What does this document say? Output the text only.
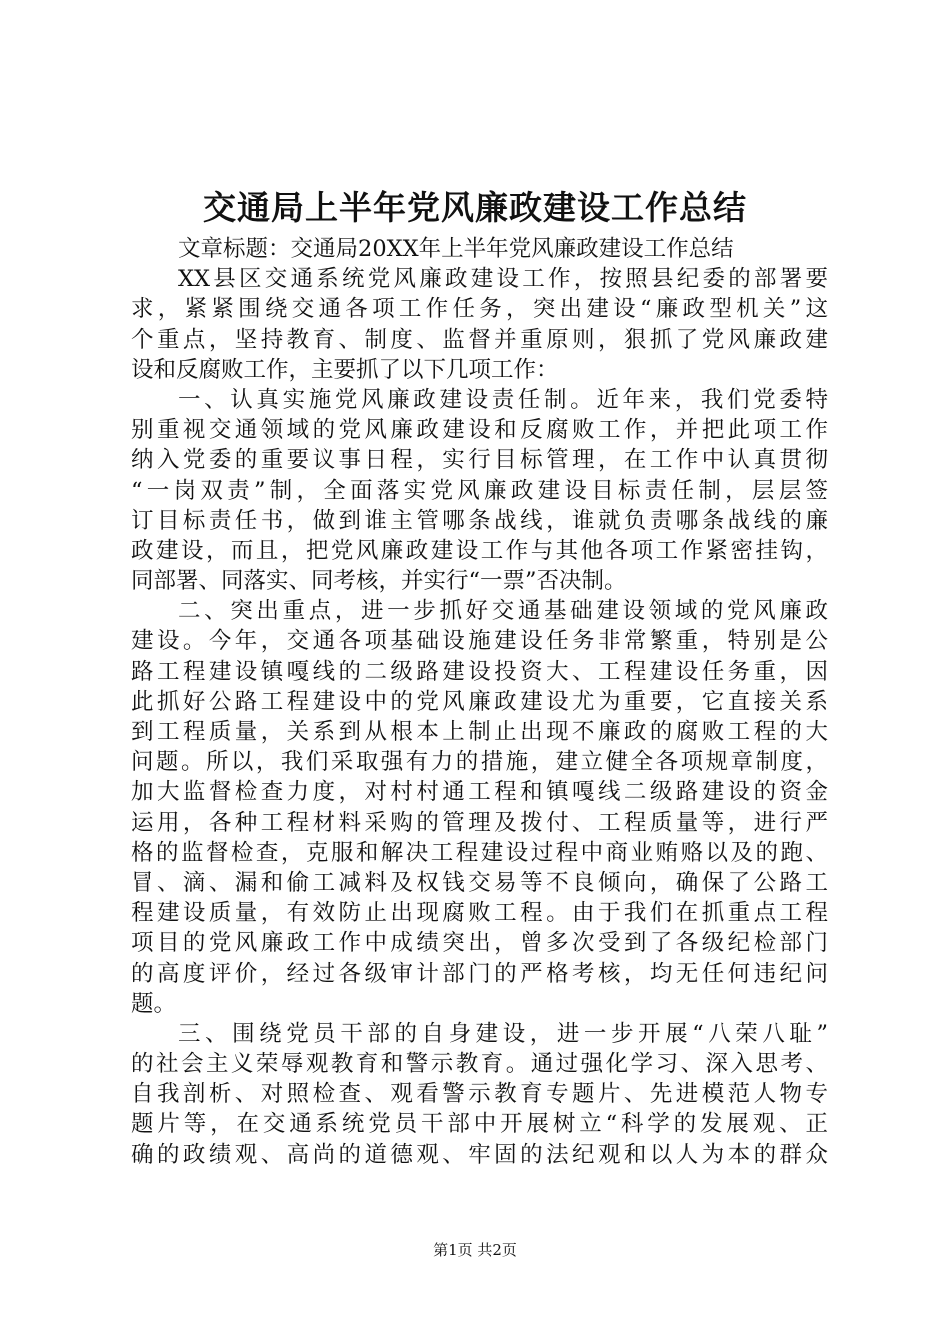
交通局上半年党风廉政建设工作总结
文章标题：交通局20XX年上半年党风廉政建设工作总结
XX县区交通系统党风廉政建设工作，按照县纪委的部署要
求，紧紧围绕交通各项工作任务，突出建设“廉政型机关”这
个重点，坚持教育、制度、监督并重原则，狠抓了党风廉政建
设和反腐败工作，主要抓了以下几项工作：
一、认真实施党风廉政建设责任制。近年来，我们党委特
别重视交通领域的党风廉政建设和反腐败工作，并把此项工作
纳入党委的重要议事日程，实行目标管理，在工作中认真贯彻
“一岗双责”制，全面落实党风廉政建设目标责任制，层层签
订目标责任书，做到谁主管哪条战线，谁就负责哪条战线的廉
政建设，而且，把党风廉政建设工作与其他各项工作紧密挂钩，
同部署、同落实、同考核，并实行“一票”否决制。
二、突出重点，进一步抓好交通基础建设领域的党风廉政
建设。今年，交通各项基础设施建设任务非常繁重，特别是公
路工程建设镇嘎线的二级路建设投资大、工程建设任务重，因
此抓好公路工程建设中的党风廉政建设尤为重要，它直接关系
到工程质量，关系到从根本上制止出现不廉政的腐败工程的大
问题。所以，我们采取强有力的措施，建立健全各项规章制度，
加大监督检查力度，对村村通工程和镇嘎线二级路建设的资金
运用，各种工程材料采购的管理及拨付、工程质量等，进行严
格的监督检查，克服和解决工程建设过程中商业贿赂以及的跑、
冒、滴、漏和偷工减料及权钱交易等不良倾向，确保了公路工
程建设质量，有效防止出现腐败工程。由于我们在抓重点工程
项目的党风廉政工作中成绩突出，曾多次受到了各级纪检部门
的高度评价，经过各级审计部门的严格考核，均无任何违纪问
题。
三、围绕党员干部的自身建设，进一步开展“八荣八耻”
的社会主义荣辱观教育和警示教育。通过强化学习、深入思考、
自我剖析、对照检查、观看警示教育专题片、先进模范人物专
题片等，在交通系统党员干部中开展树立“科学的发展观、正
确的政绩观、高尚的道德观、牢固的法纪观和以人为本的群众
第1页 共2页
